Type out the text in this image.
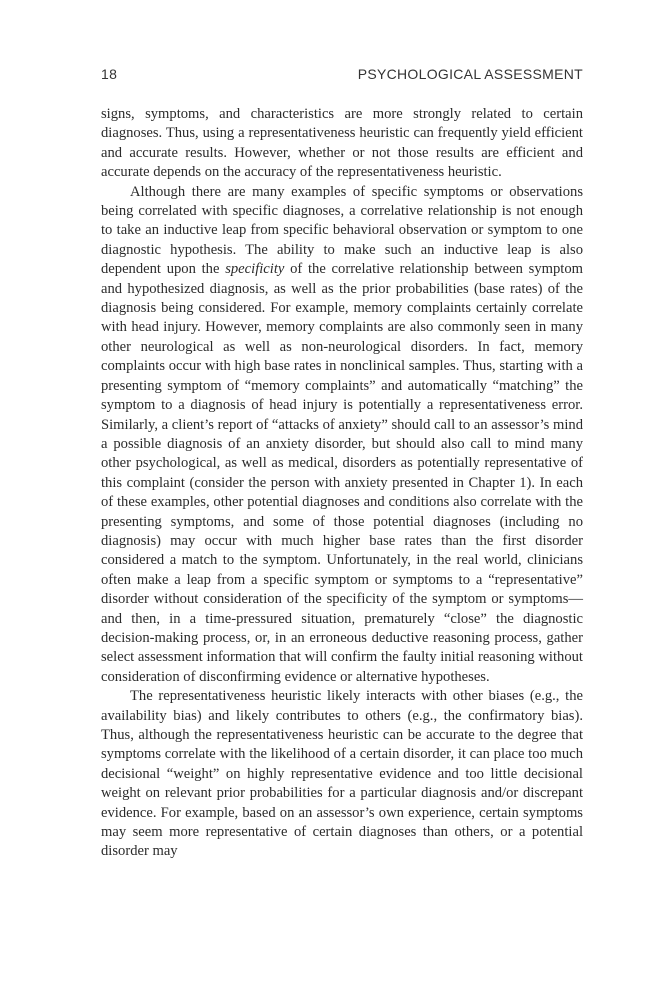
18	PSYCHOLOGICAL ASSESSMENT

signs, symptoms, and characteristics are more strongly related to certain diagnoses. Thus, using a representativeness heuristic can frequently yield efficient and accurate results. However, whether or not those results are efficient and accurate depends on the accuracy of the representativeness heuristic.

Although there are many examples of specific symptoms or observations being correlated with specific diagnoses, a correlative relationship is not enough to take an inductive leap from specific behavioral observation or symptom to one diagnostic hypothesis. The ability to make such an inductive leap is also dependent upon the specificity of the correlative relationship between symptom and hypothesized diagnosis, as well as the prior probabilities (base rates) of the diagnosis being considered. For example, memory complaints certainly correlate with head injury. However, memory complaints are also commonly seen in many other neurological as well as non-neurological disorders. In fact, memory complaints occur with high base rates in nonclinical samples. Thus, starting with a presenting symptom of “memory complaints” and automatically “matching” the symptom to a diagnosis of head injury is potentially a representativeness error. Similarly, a client’s report of “attacks of anxiety” should call to an assessor’s mind a possible diagnosis of an anxiety disorder, but should also call to mind many other psychological, as well as medical, disorders as potentially representative of this complaint (consider the person with anxiety presented in Chapter 1). In each of these examples, other potential diagnoses and conditions also correlate with the presenting symptoms, and some of those potential diagnoses (including no diagnosis) may occur with much higher base rates than the first disorder considered a match to the symptom. Unfortunately, in the real world, clinicians often make a leap from a specific symptom or symptoms to a “representative” disorder without consideration of the specificity of the symptom or symptoms—and then, in a time-pressured situation, prematurely “close” the diagnostic decision-making process, or, in an erroneous deductive reasoning process, gather select assessment information that will confirm the faulty initial reasoning without consideration of disconfirming evidence or alternative hypotheses.

The representativeness heuristic likely interacts with other biases (e.g., the availability bias) and likely contributes to others (e.g., the confirmatory bias). Thus, although the representativeness heuristic can be accurate to the degree that symptoms correlate with the likelihood of a certain disorder, it can place too much decisional “weight” on highly representative evidence and too little decisional weight on relevant prior probabilities for a particular diagnosis and/or discrepant evidence. For example, based on an assessor’s own experience, certain symptoms may seem more representative of certain diagnoses than others, or a potential disorder may
